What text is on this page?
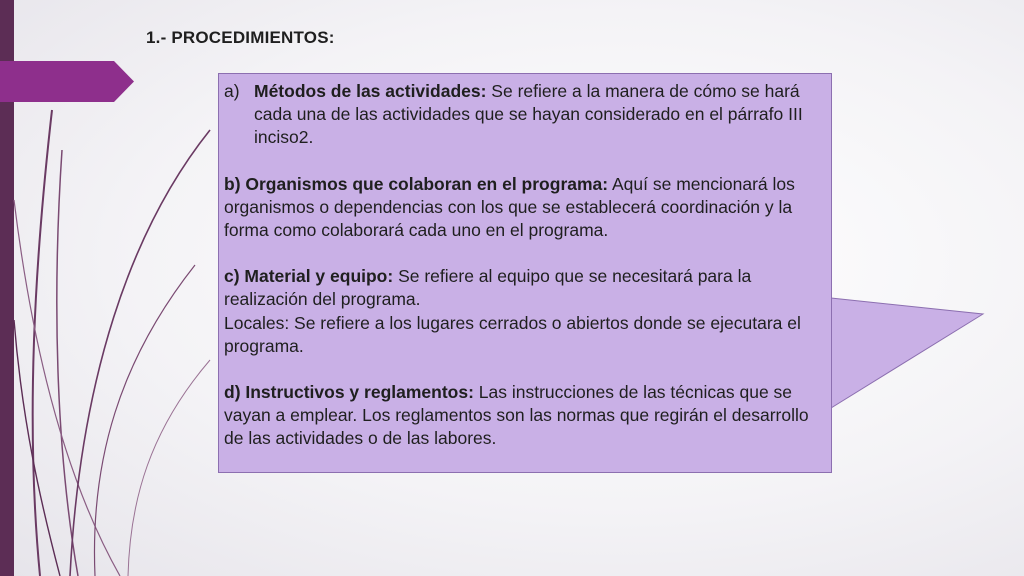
1.- PROCEDIMIENTOS:
a) Métodos de las actividades: Se refiere a la manera de cómo se hará cada una de las actividades que se hayan considerado en el párrafo III inciso2.

b) Organismos que colaboran en el programa: Aquí se mencionará los organismos o dependencias con los que se establecerá coordinación y la forma como colaborará cada uno en el programa.

c) Material y equipo: Se refiere al equipo que se necesitará para la realización del programa.

Locales: Se refiere a los lugares cerrados o abiertos donde se ejecutara el programa.

d) Instructivos y reglamentos: Las instrucciones de las técnicas que se vayan a emplear. Los reglamentos son las normas que regirán el desarrollo de las actividades o de las labores.
